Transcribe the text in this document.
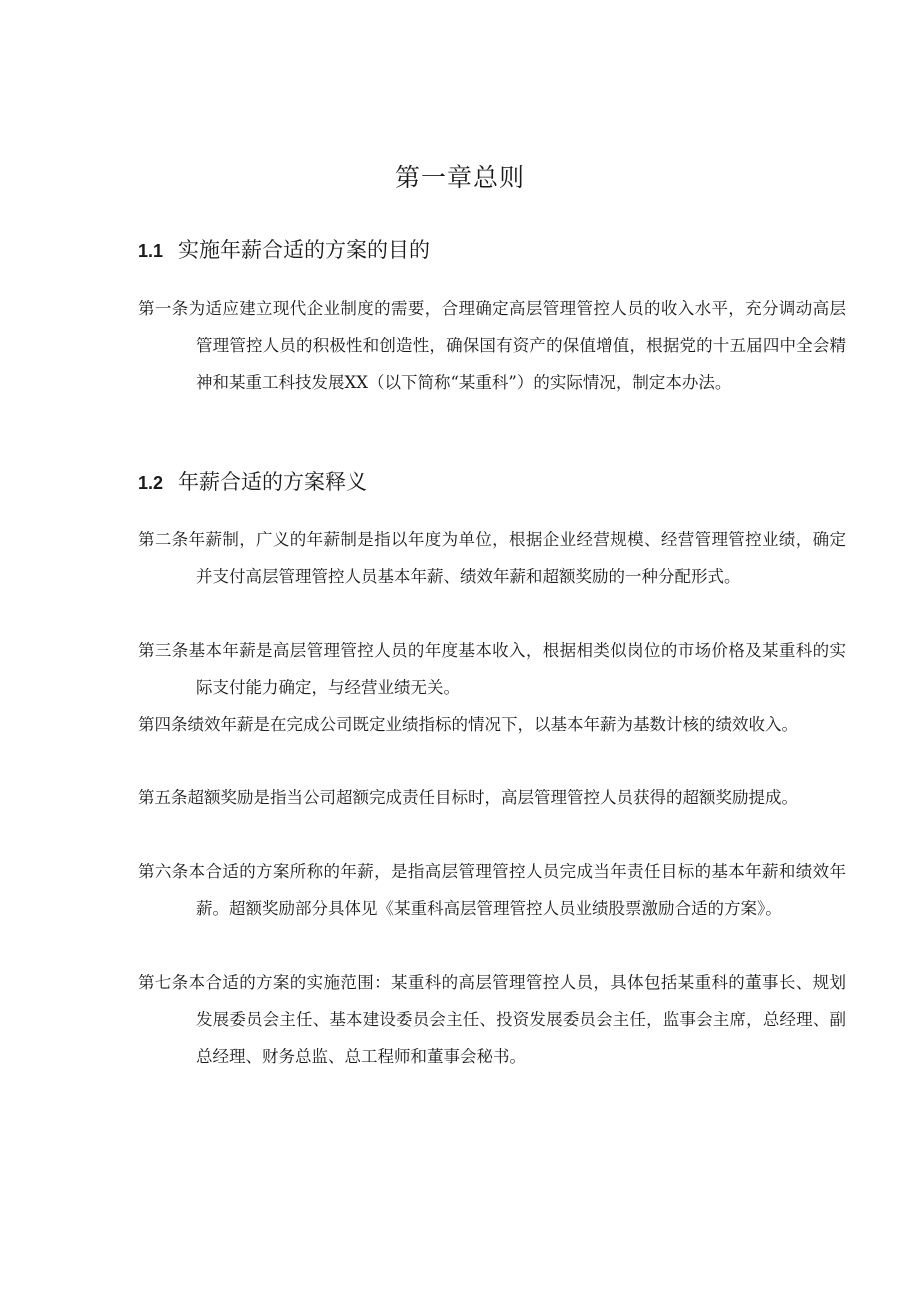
第一章总则
1.1 实施年薪合适的方案的目的
第一条为适应建立现代企业制度的需要，合理确定高层管理管控人员的收入水平，充分调动高层管理管控人员的积极性和创造性，确保国有资产的保值增值，根据党的十五届四中全会精神和某重工科技发展XX（以下简称“某重科”）的实际情况，制定本办法。
1.2 年薪合适的方案释义
第二条年薪制，广义的年薪制是指以年度为单位，根据企业经营规模、经营管理管控业绩，确定并支付高层管理管控人员基本年薪、绩效年薪和超额奖励的一种分配形式。
第三条基本年薪是高层管理管控人员的年度基本收入，根据相类似岗位的市场价格及某重科的实际支付能力确定，与经营业绩无关。
第四条绩效年薪是在完成公司既定业绩指标的情况下，以基本年薪为基数计核的绩效收入。
第五条超额奖励是指当公司超额完成责任目标时，高层管理管控人员获得的超额奖励提成。
第六条本合适的方案所称的年薪，是指高层管理管控人员完成当年责任目标的基本年薪和绩效年薪。超额奖励部分具体见《某重科高层管理管控人员业绩股票激励合适的方案》。
第七条本合适的方案的实施范围：某重科的高层管理管控人员，具体包括某重科的董事长、规划发展委员会主任、基本建设委员会主任、投资发展委员会主任，监事会主席，总经理、副总经理、财务总监、总工程师和董事会秘书。
